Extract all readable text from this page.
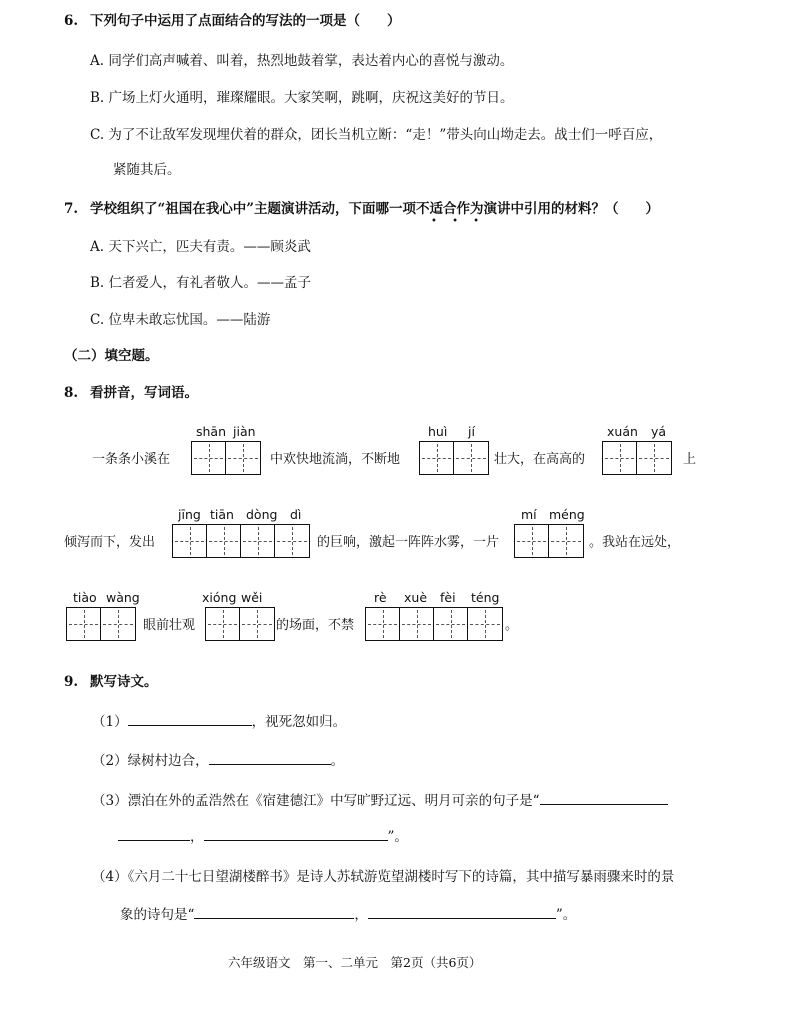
6. 下列句子中运用了点面结合的写法的一项是（　　）
A. 同学们高声喊着、叫着，热烈地鼓着掌，表达着内心的喜悦与激动。
B. 广场上灯火通明，璀璨耀眼。大家笑啊，跳啊，庆祝这美好的节日。
C. 为了不让敌军发现埋伏着的群众，团长当机立断：“走！”带头向山坳走去。战士们一呼百应，
紧随其后。
7. 学校组织了“祖国在我心中”主题演讲活动，下面哪一项不适合作为演讲中引用的材料？（　　）
• • •
A. 天下兴亡，匹夫有责。——顾炎武
B. 仁者爱人，有礼者敬人。——孟子
C. 位卑未敢忘忧国。——陆游
（二）填空题。
8. 看拼音，写词语。
shān jiàn
一条条小溪在	中欢快地流淌，不断地
huì jí
壮大，在高高的
xuán yá
上
jīng tiān dòng dì
倾泻而下，发出	的巨响，激起一阵阵水雾，一片
mí méng
。我站在远处，
tiào wàng
眼前壮观
xióng wěi
的场面，不禁
rè xuè fèi téng
。
9. 默写诗文。
（1）	，视死忽如归。
（2）绿树村边合，	。
（3）漂泊在外的孟浩然在《宿建德江》中写旷野辽远、明月可亲的句子是“
，	”。
（4）《六月二十七日望湖楼醉书》是诗人苏轼游览望湖楼时写下的诗篇，其中描写暴雨骤来时的景
象的诗句是“	，	”。
六年级语文　第一、二单元　第2页（共6页）
